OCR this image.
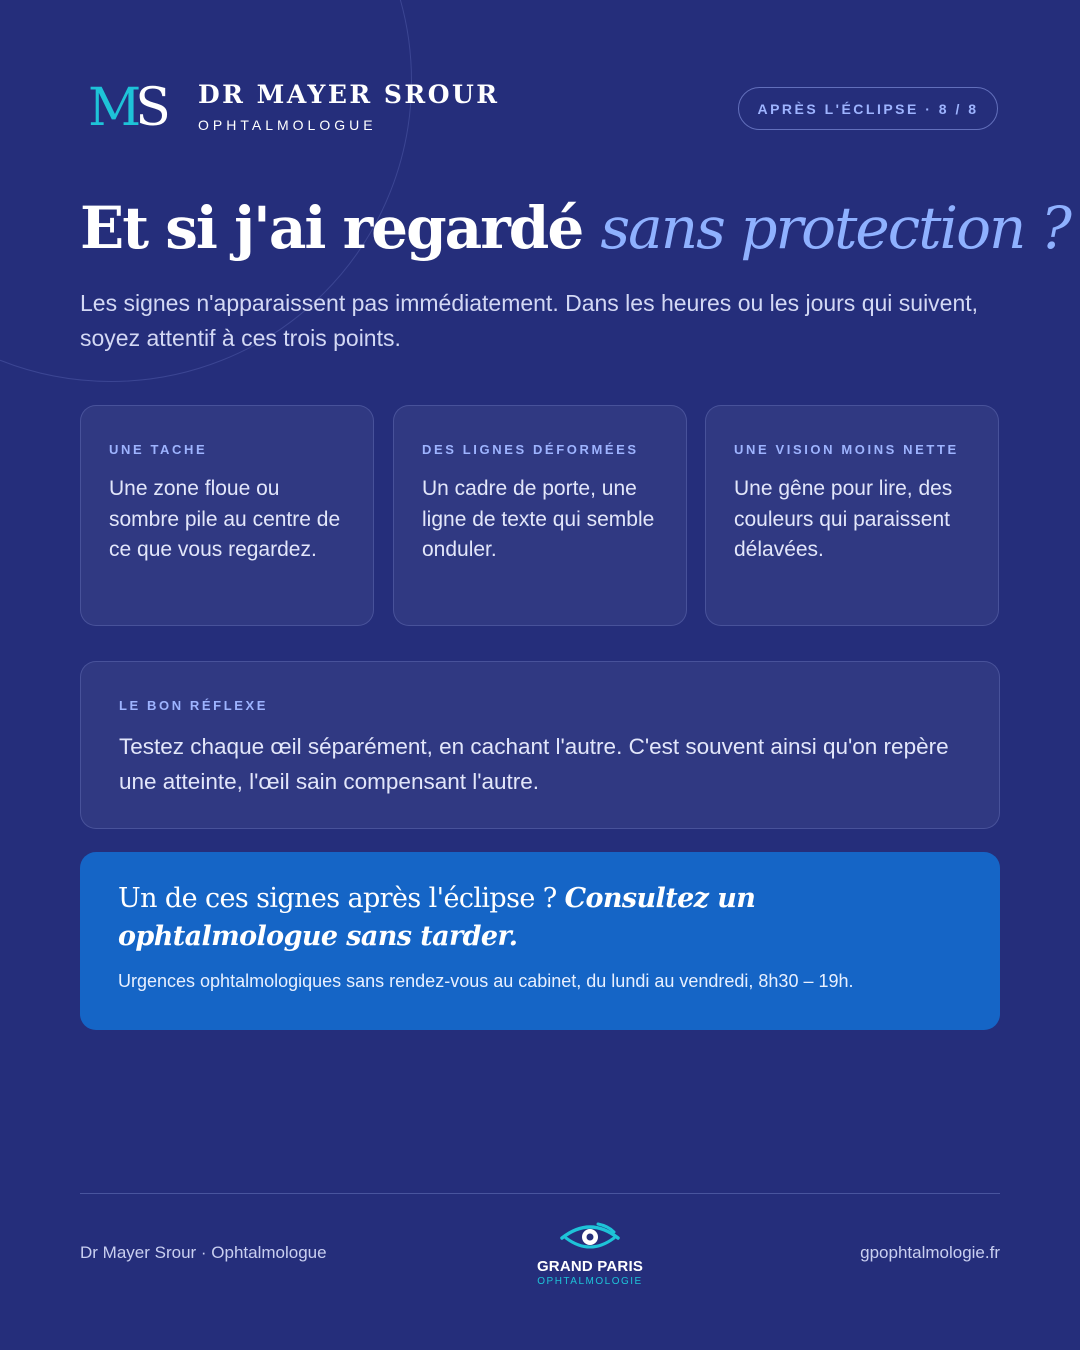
MS DR MAYER SROUR
OPHTALMOLOGUE
APRÈS L'ÉCLIPSE · 8 / 8
Et si j'ai regardé sans protection ?

Les signes n'apparaissent pas immédiatement. Dans les heures ou les jours qui suivent, soyez attentif à ces trois points.

UNE TACHE
Une zone floue ou sombre pile au centre de ce que vous regardez.
DES LIGNES DÉFORMÉES
Un cadre de porte, une ligne de texte qui semble onduler.
UNE VISION MOINS NETTE
Une gêne pour lire, des couleurs qui paraissent délavées.
LE BON RÉFLEXE
Testez chaque œil séparément, en cachant l'autre. C'est souvent ainsi qu'on repère une atteinte, l'œil sain compensant l'autre.
Un de ces signes après l'éclipse ? Consultez un ophtalmologue sans tarder.
Urgences ophtalmologiques sans rendez-vous au cabinet, du lundi au vendredi, 8h30 – 19h.
Dr Mayer Srour · Ophtalmologue
GRAND PARIS
OPHTALMOLOGIE
gpophtalmologie.fr
